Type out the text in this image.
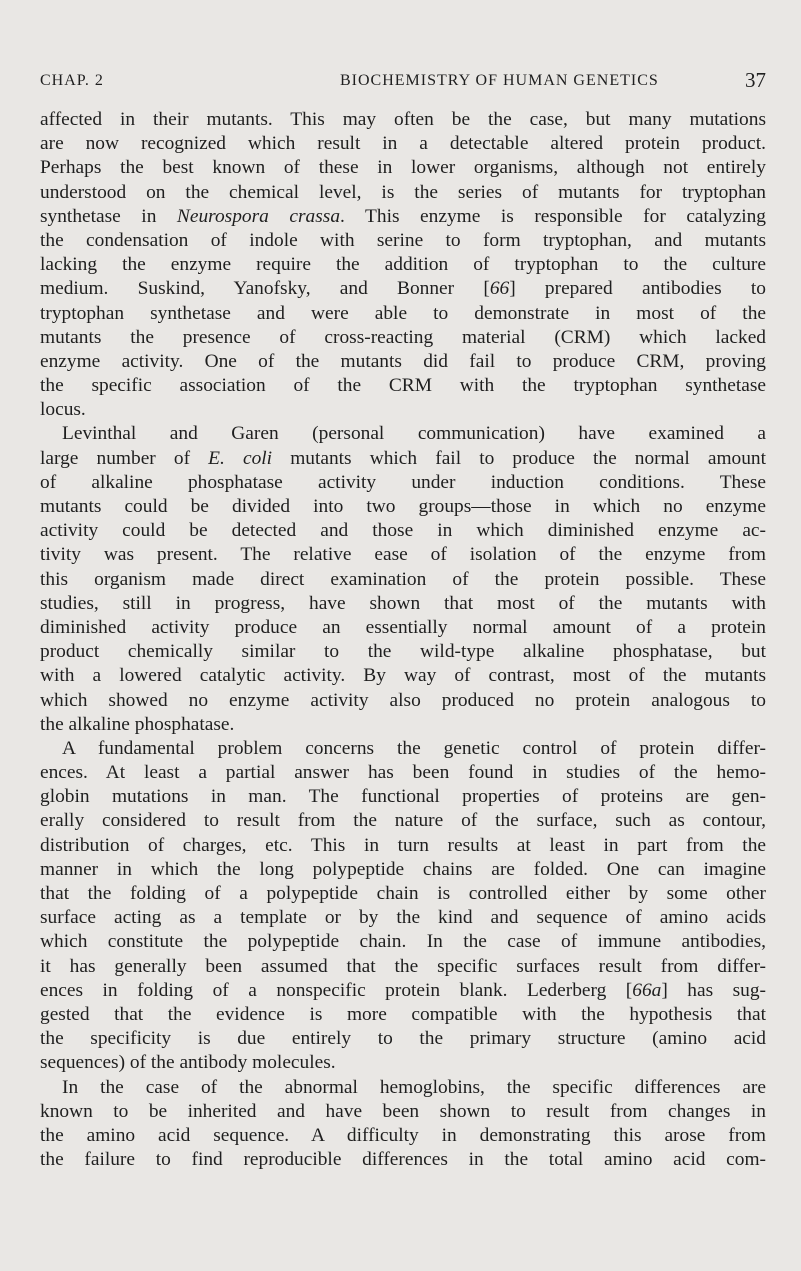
CHAP. 2	BIOCHEMISTRY OF HUMAN GENETICS	37
affected in their mutants. This may often be the case, but many mutations
are now recognized which result in a detectable altered protein product.
Perhaps the best known of these in lower organisms, although not entirely
understood on the chemical level, is the series of mutants for tryptophan
synthetase in Neurospora crassa. This enzyme is responsible for catalyzing
the condensation of indole with serine to form tryptophan, and mutants
lacking the enzyme require the addition of tryptophan to the culture
medium. Suskind, Yanofsky, and Bonner [66] prepared antibodies to
tryptophan synthetase and were able to demonstrate in most of the
mutants the presence of cross-reacting material (CRM) which lacked
enzyme activity. One of the mutants did fail to produce CRM, proving
the specific association of the CRM with the tryptophan synthetase
locus.
Levinthal and Garen (personal communication) have examined a
large number of E. coli mutants which fail to produce the normal amount
of alkaline phosphatase activity under induction conditions. These
mutants could be divided into two groups—those in which no enzyme
activity could be detected and those in which diminished enzyme ac-
tivity was present. The relative ease of isolation of the enzyme from
this organism made direct examination of the protein possible. These
studies, still in progress, have shown that most of the mutants with
diminished activity produce an essentially normal amount of a protein
product chemically similar to the wild-type alkaline phosphatase, but
with a lowered catalytic activity. By way of contrast, most of the mutants
which showed no enzyme activity also produced no protein analogous to
the alkaline phosphatase.
A fundamental problem concerns the genetic control of protein differ-
ences. At least a partial answer has been found in studies of the hemo-
globin mutations in man. The functional properties of proteins are gen-
erally considered to result from the nature of the surface, such as contour,
distribution of charges, etc. This in turn results at least in part from the
manner in which the long polypeptide chains are folded. One can imagine
that the folding of a polypeptide chain is controlled either by some other
surface acting as a template or by the kind and sequence of amino acids
which constitute the polypeptide chain. In the case of immune antibodies,
it has generally been assumed that the specific surfaces result from differ-
ences in folding of a nonspecific protein blank. Lederberg [66a] has sug-
gested that the evidence is more compatible with the hypothesis that
the specificity is due entirely to the primary structure (amino acid
sequences) of the antibody molecules.
In the case of the abnormal hemoglobins, the specific differences are
known to be inherited and have been shown to result from changes in
the amino acid sequence. A difficulty in demonstrating this arose from
the failure to find reproducible differences in the total amino acid com-
